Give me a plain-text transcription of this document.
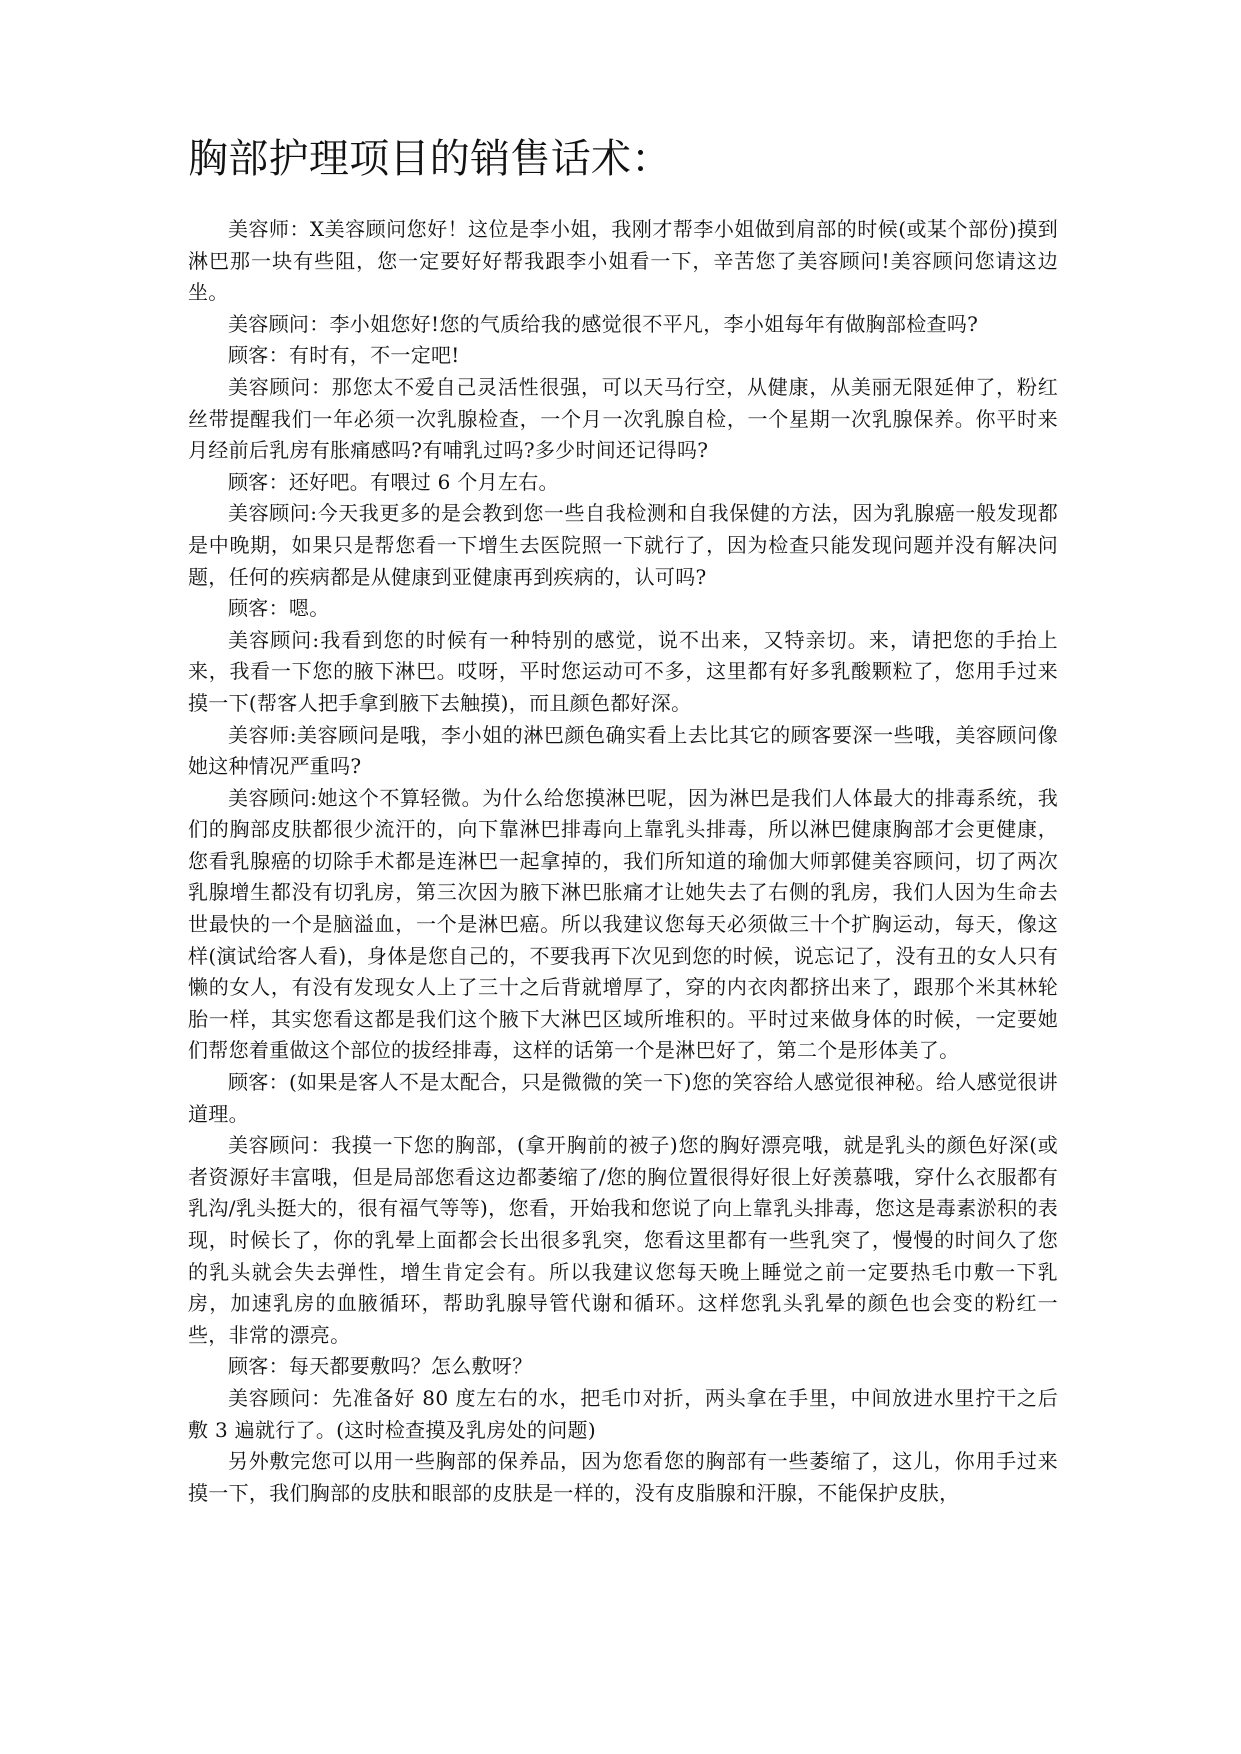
胸部护理项目的销售话术：

美容师：X美容顾问您好！这位是李小姐，我刚才帮李小姐做到肩部的时候(或某个部份)摸到淋巴那一块有些阻，您一定要好好帮我跟李小姐看一下，辛苦您了美容顾问!美容顾问您请这边坐。

美容顾问：李小姐您好!您的气质给我的感觉很不平凡，李小姐每年有做胸部检查吗?

顾客：有时有，不一定吧!

美容顾问：那您太不爱自己灵活性很强，可以天马行空，从健康，从美丽无限延伸了，粉红丝带提醒我们一年必须一次乳腺检查，一个月一次乳腺自检，一个星期一次乳腺保养。你平时来月经前后乳房有胀痛感吗?有哺乳过吗?多少时间还记得吗?

顾客：还好吧。有喂过 6 个月左右。

美容顾问:今天我更多的是会教到您一些自我检测和自我保健的方法，因为乳腺癌一般发现都是中晚期，如果只是帮您看一下增生去医院照一下就行了，因为检查只能发现问题并没有解决问题，任何的疾病都是从健康到亚健康再到疾病的，认可吗?

顾客：嗯。

美容顾问:我看到您的时候有一种特别的感觉，说不出来，又特亲切。来，请把您的手抬上来，我看一下您的腋下淋巴。哎呀，平时您运动可不多，这里都有好多乳酸颗粒了，您用手过来摸一下(帮客人把手拿到腋下去触摸)，而且颜色都好深。

美容师:美容顾问是哦，李小姐的淋巴颜色确实看上去比其它的顾客要深一些哦，美容顾问像她这种情况严重吗?

美容顾问:她这个不算轻微。为什么给您摸淋巴呢，因为淋巴是我们人体最大的排毒系统，我们的胸部皮肤都很少流汗的，向下靠淋巴排毒向上靠乳头排毒，所以淋巴健康胸部才会更健康，您看乳腺癌的切除手术都是连淋巴一起拿掉的，我们所知道的瑜伽大师郭健美容顾问，切了两次乳腺增生都没有切乳房，第三次因为腋下淋巴胀痛才让她失去了右侧的乳房，我们人因为生命去世最快的一个是脑溢血，一个是淋巴癌。所以我建议您每天必须做三十个扩胸运动，每天，像这样(演试给客人看)，身体是您自己的，不要我再下次见到您的时候，说忘记了，没有丑的女人只有懒的女人，有没有发现女人上了三十之后背就增厚了，穿的内衣肉都挤出来了，跟那个米其林轮胎一样，其实您看这都是我们这个腋下大淋巴区域所堆积的。平时过来做身体的时候，一定要她们帮您着重做这个部位的拔经排毒，这样的话第一个是淋巴好了，第二个是形体美了。

顾客：(如果是客人不是太配合，只是微微的笑一下)您的笑容给人感觉很神秘。给人感觉很讲道理。

美容顾问：我摸一下您的胸部，(拿开胸前的被子)您的胸好漂亮哦，就是乳头的颜色好深(或者资源好丰富哦，但是局部您看这边都萎缩了/您的胸位置很得好很上好羡慕哦，穿什么衣服都有乳沟/乳头挺大的，很有福气等等)，您看，开始我和您说了向上靠乳头排毒，您这是毒素淤积的表现，时候长了，你的乳晕上面都会长出很多乳突，您看这里都有一些乳突了，慢慢的时间久了您的乳头就会失去弹性，增生肯定会有。所以我建议您每天晚上睡觉之前一定要热毛巾敷一下乳房，加速乳房的血腋循环，帮助乳腺导管代谢和循环。这样您乳头乳晕的颜色也会变的粉红一些，非常的漂亮。

顾客：每天都要敷吗？怎么敷呀？

美容顾问：先准备好 80 度左右的水，把毛巾对折，两头拿在手里，中间放进水里拧干之后敷 3 遍就行了。(这时检查摸及乳房处的问题)

另外敷完您可以用一些胸部的保养品，因为您看您的胸部有一些萎缩了，这儿，你用手过来摸一下，我们胸部的皮肤和眼部的皮肤是一样的，没有皮脂腺和汗腺，不能保护皮肤，
